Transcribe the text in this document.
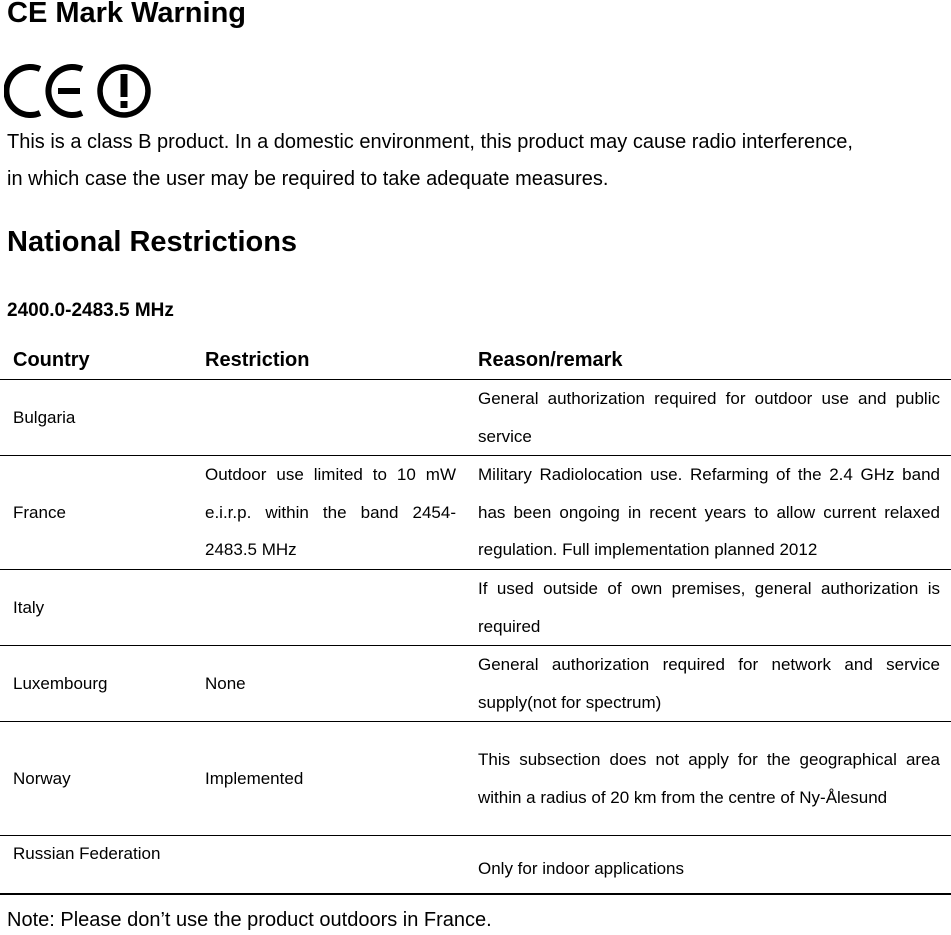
CE Mark Warning
This is a class B product. In a domestic environment, this product may cause radio interference,
in which case the user may be required to take adequate measures.
National Restrictions
2400.0-2483.5 MHz
Country	Restriction	Reason/remark
Bulgaria		General authorization required for outdoor use and public service
France	Outdoor use limited to 10 mW e.i.r.p. within the band 2454-2483.5 MHz	Military Radiolocation use. Refarming of the 2.4 GHz band has been ongoing in recent years to allow current relaxed regulation. Full implementation planned 2012
Italy		If used outside of own premises, general authorization is required
Luxembourg	None	General authorization required for network and service supply(not for spectrum)
Norway	Implemented	This subsection does not apply for the geographical area within a radius of 20 km from the centre of Ny-Ålesund
Russian Federation		Only for indoor applications
Note: Please don’t use the product outdoors in France.
